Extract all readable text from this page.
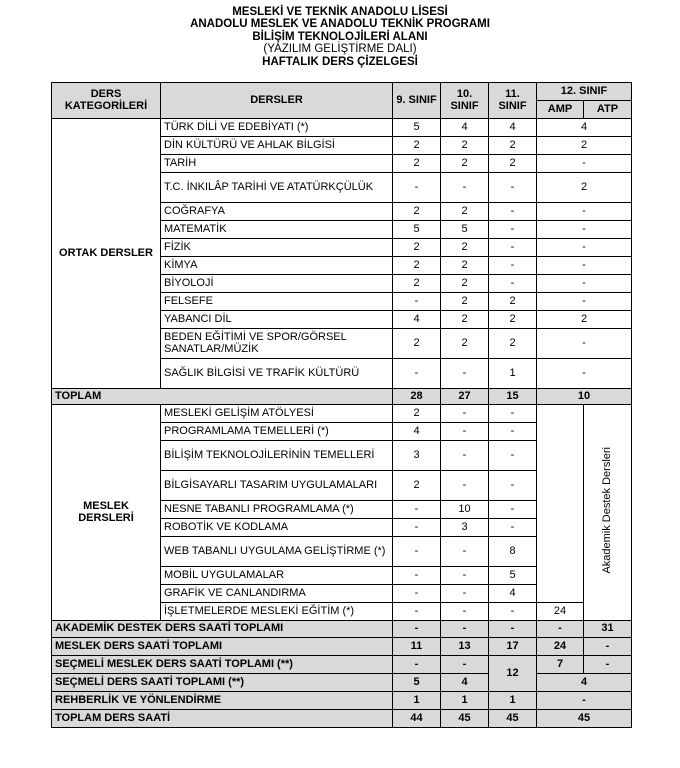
MESLEKİ VE TEKNİK ANADOLU LİSESİ
ANADOLU MESLEK VE ANADOLU TEKNİK PROGRAMI
BİLİŞİM TEKNOLOJİLERİ ALANI
(YAZILIM GELİŞTİRME DALI)
HAFTALIK DERS ÇİZELGESİ
DERS KATEGORİLERİ	DERSLER	9. SINIF	10. SINIF	11. SINIF	12. SINIF	
					AMP	ATP
ORTAK DERSLER	TÜRK DİLİ VE EDEBİYATI (*)	5	4	4	4	
	DİN KÜLTÜRÜ VE AHLAK BİLGİSİ	2	2	2	2	
	TARİH	2	2	2	-	
	T.C. İNKILÂP TARİHİ VE ATATÜRKÇÜLÜK	-	-	-	2	
	COĞRAFYA	2	2	-	-	
	MATEMATİK	5	5	-	-	
	FİZİK	2	2	-	-	
	KİMYA	2	2	-	-	
	BİYOLOJİ	2	2	-	-	
	FELSEFE	-	2	2	-	
	YABANCI DİL	4	2	2	2	
	BEDEN EĞİTİMİ VE SPOR/GÖRSEL SANATLAR/MÜZİK	2	2	2	-	
	SAĞLIK BİLGİSİ VE TRAFİK KÜLTÜRÜ	-	-	1	-	
TOPLAM		28	27	15	10	
MESLEK DERSLERİ	MESLEKİ GELİŞİM ATÖLYESİ	2	-	-		Akademik Destek Dersleri
	PROGRAMLAMA TEMELLERİ (*)	4	-	-		
	BİLİŞİM TEKNOLOJİLERİNİN TEMELLERİ	3	-	-		
	BİLGİSAYARLI TASARIM UYGULAMALARI	2	-	-		
	NESNE TABANLI PROGRAMLAMA (*)	-	10	-		
	ROBOTİK VE KODLAMA	-	3	-		
	WEB TABANLI UYGULAMA GELİŞTİRME (*)	-	-	8		
	MOBİL UYGULAMALAR	-	-	5		
	GRAFİK VE CANLANDIRMA	-	-	4		
	İŞLETMELERDE MESLEKİ EĞİTİM (*)	-	-	-	24	
AKADEMİK DESTEK DERS SAATİ TOPLAMI		-	-	-	-	31
MESLEK DERS SAATİ TOPLAMI		11	13	17	24	-
SEÇMELİ MESLEK DERS SAATİ TOPLAMI (**)		-	-	12	7	-
SEÇMELİ DERS SAATİ TOPLAMI (**)		5	4		4	
REHBERLİK VE YÖNLENDİRME		1	1	1	-	
TOPLAM DERS SAATİ		44	45	45	45	
